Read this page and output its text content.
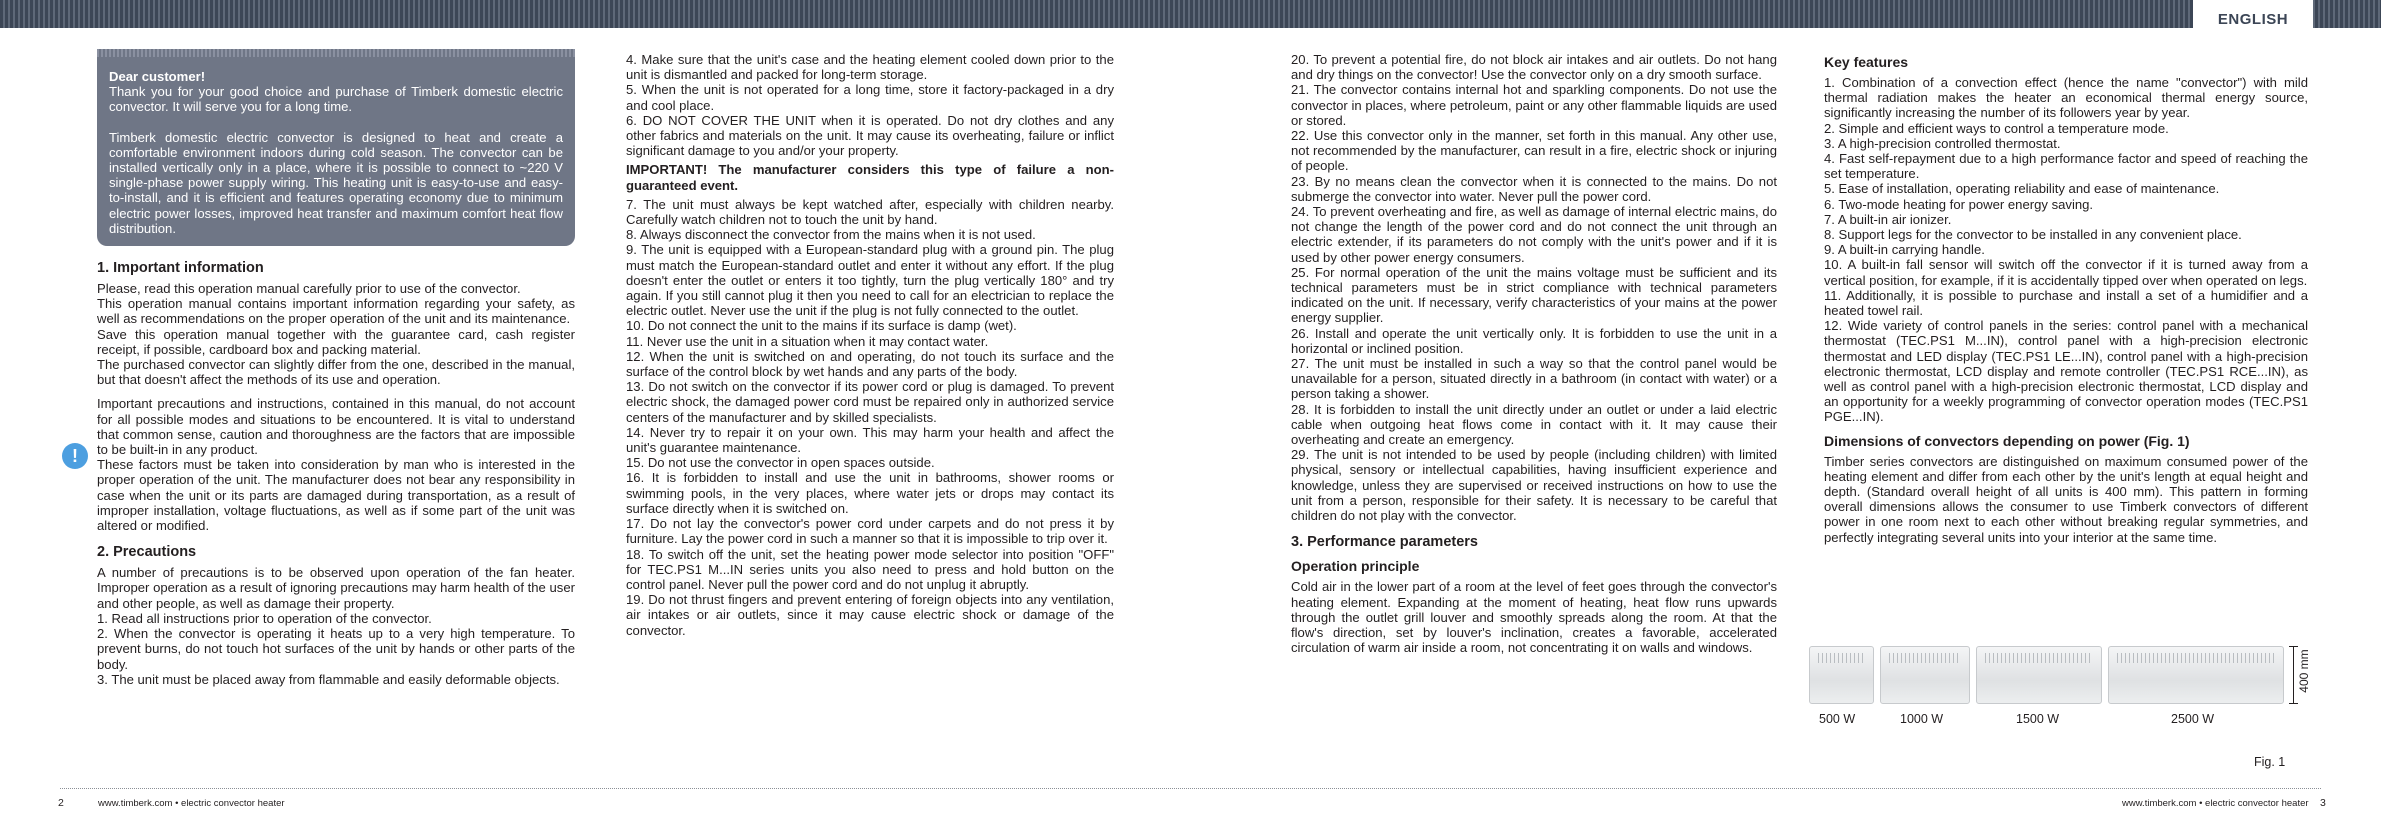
ENGLISH

Dear customer!

Thank you for your good choice and purchase of Timberk domestic electric convector. It will serve you for a long time.

Timberk domestic electric convector is designed to heat and create a comfortable environment indoors during cold season. The convector can be installed vertically only in a place, where it is possible to connect to ~220 V single-phase power supply wiring. This heating unit is easy-to-use and easy-to-install, and it is efficient and features operating economy due to minimum electric power losses, improved heat transfer and maximum comfort heat flow distribution.

1. Important information

Please, read this operation manual carefully prior to use of the convector.

This operation manual contains important information regarding your safety, as well as recommendations on the proper operation of the unit and its maintenance.

Save this operation manual together with the guarantee card, cash register receipt, if possible, cardboard box and packing material.

The purchased convector can slightly differ from the one, described in the manual, but that doesn't affect the methods of its use and operation.

Important precautions and instructions, contained in this manual, do not account for all possible modes and situations to be encountered. It is vital to understand that common sense, caution and thoroughness are the factors that are impossible to be built-in in any product.

These factors must be taken into consideration by man who is interested in the proper operation of the unit. The manufacturer does not bear any responsibility in case when the unit or its parts are damaged during transportation, as a result of improper installation, voltage fluctuations, as well as if some part of the unit was altered or modified.

2. Precautions

A number of precautions is to be observed upon operation of the fan heater. Improper operation as a result of ignoring precautions may harm health of the user and other people, as well as damage their property.

1. Read all instructions prior to operation of the convector.

2. When the convector is operating it heats up to a very high temperature. To prevent burns, do not touch hot surfaces of the unit by hands or other parts of the body.

3. The unit must be placed away from flammable and easily deformable objects.

!

4. Make sure that the unit's case and the heating element cooled down prior to the unit is dismantled and packed for long-term storage.

5. When the unit is not operated for a long time, store it factory-packaged in a dry and cool place.

6. DO NOT COVER THE UNIT when it is operated. Do not dry clothes and any other fabrics and materials on the unit. It may cause its overheating, failure or inflict significant damage to you and/or your property.

IMPORTANT! The manufacturer considers this type of failure a non-guaranteed event.

7. The unit must always be kept watched after, especially with children nearby. Carefully watch children not to touch the unit by hand.

8. Always disconnect the convector from the mains when it is not used.

9. The unit is equipped with a European-standard plug with a ground pin. The plug must match the European-standard outlet and enter it without any effort. If the plug doesn't enter the outlet or enters it too tightly, turn the plug vertically 180° and try again. If you still cannot plug it then you need to call for an electrician to replace the electric outlet. Never use the unit if the plug is not fully connected to the outlet.

10. Do not connect the unit to the mains if its surface is damp (wet).

11. Never use the unit in a situation when it may contact water.

12. When the unit is switched on and operating, do not touch its surface and the surface of the control block by wet hands and any parts of the body.

13. Do not switch on the convector if its power cord or plug is damaged. To prevent electric shock, the damaged power cord must be repaired only in authorized service centers of the manufacturer and by skilled specialists.

14. Never try to repair it on your own. This may harm your health and affect the unit's guarantee maintenance.

15. Do not use the convector in open spaces outside.

16. It is forbidden to install and use the unit in bathrooms, shower rooms or swimming pools, in the very places, where water jets or drops may contact its surface directly when it is switched on.

17. Do not lay the convector's power cord under carpets and do not press it by furniture. Lay the power cord in such a manner so that it is impossible to trip over it.

18. To switch off the unit, set the heating power mode selector into position "OFF" for TEC.PS1 M...IN series units you also need to press and hold button on the control panel. Never pull the power cord and do not unplug it abruptly.

19. Do not thrust fingers and prevent entering of foreign objects into any ventilation, air intakes or air outlets, since it may cause electric shock or damage of the convector.

20. To prevent a potential fire, do not block air intakes and air outlets. Do not hang and dry things on the convector! Use the convector only on a dry smooth surface.

21. The convector contains internal hot and sparkling components. Do not use the convector in places, where petroleum, paint or any other flammable liquids are used or stored.

22. Use this convector only in the manner, set forth in this manual. Any other use, not recommended by the manufacturer, can result in a fire, electric shock or injuring of people.

23. By no means clean the convector when it is connected to the mains. Do not submerge the convector into water. Never pull the power cord.

24. To prevent overheating and fire, as well as damage of internal electric mains, do not change the length of the power cord and do not connect the unit through an electric extender, if its parameters do not comply with the unit's power and if it is used by other power energy consumers.

25. For normal operation of the unit the mains voltage must be sufficient and its technical parameters must be in strict compliance with technical parameters indicated on the unit. If necessary, verify characteristics of your mains at the power energy supplier.

26. Install and operate the unit vertically only. It is forbidden to use the unit in a horizontal or inclined position.

27. The unit must be installed in such a way so that the control panel would be unavailable for a person, situated directly in a bathroom (in contact with water) or a person taking a shower.

28. It is forbidden to install the unit directly under an outlet or under a laid electric cable when outgoing heat flows come in contact with it. It may cause their overheating and create an emergency.

29. The unit is not intended to be used by people (including children) with limited physical, sensory or intellectual capabilities, having insufficient experience and knowledge, unless they are supervised or received instructions on how to use the unit from a person, responsible for their safety. It is necessary to be careful that children do not play with the convector.

3. Performance parameters
Operation principle

Cold air in the lower part of a room at the level of feet goes through the convector's heating element. Expanding at the moment of heating, heat flow runs upwards through the outlet grill louver and smoothly spreads along the room. At that the flow's direction, set by louver's inclination, creates a favorable, accelerated circulation of warm air inside a room, not concentrating it on walls and windows.

Key features

1. Combination of a convection effect (hence the name "convector") with mild thermal radiation makes the heater an economical thermal energy source, significantly increasing the number of its followers year by year.

2. Simple and efficient ways to control a temperature mode.

3. A high-precision controlled thermostat.

4. Fast self-repayment due to a high performance factor and speed of reaching the set temperature.

5. Ease of installation, operating reliability and ease of maintenance.

6. Two-mode heating for power energy saving.

7. A built-in air ionizer.

8. Support legs for the convector to be installed in any convenient place.

9. A built-in carrying handle.

10. A built-in fall sensor will switch off the convector if it is turned away from a vertical position, for example, if it is accidentally tipped over when operated on legs.

11. Additionally, it is possible to purchase and install a set of a humidifier and a heated towel rail.

12. Wide variety of control panels in the series: control panel with a mechanical thermostat (TEC.PS1 M...IN), control panel with a high-precision electronic thermostat and LED display (TEC.PS1 LE...IN), control panel with a high-precision electronic thermostat, LCD display and remote controller (TEC.PS1 RCE...IN), as well as control panel with a high-precision electronic thermostat, LCD display and an opportunity for a weekly programming of convector operation modes (TEC.PS1 PGE...IN).

Dimensions of convectors depending on power (Fig. 1)

Timber series convectors are distinguished on maximum consumed power of the heating element and differ from each other by the unit's length at equal height and depth. (Standard overall height of all units is 400 mm). This pattern in forming overall dimensions allows the consumer to use Timberk convectors of different power in one room next to each other without breaking regular symmetries, and perfectly integrating several units into your interior at the same time.

500 W	1000 W	1500 W	2500 W
400 mm
Fig. 1
2	www.timberk.com • electric convector heater	www.timberk.com • electric convector heater 3
